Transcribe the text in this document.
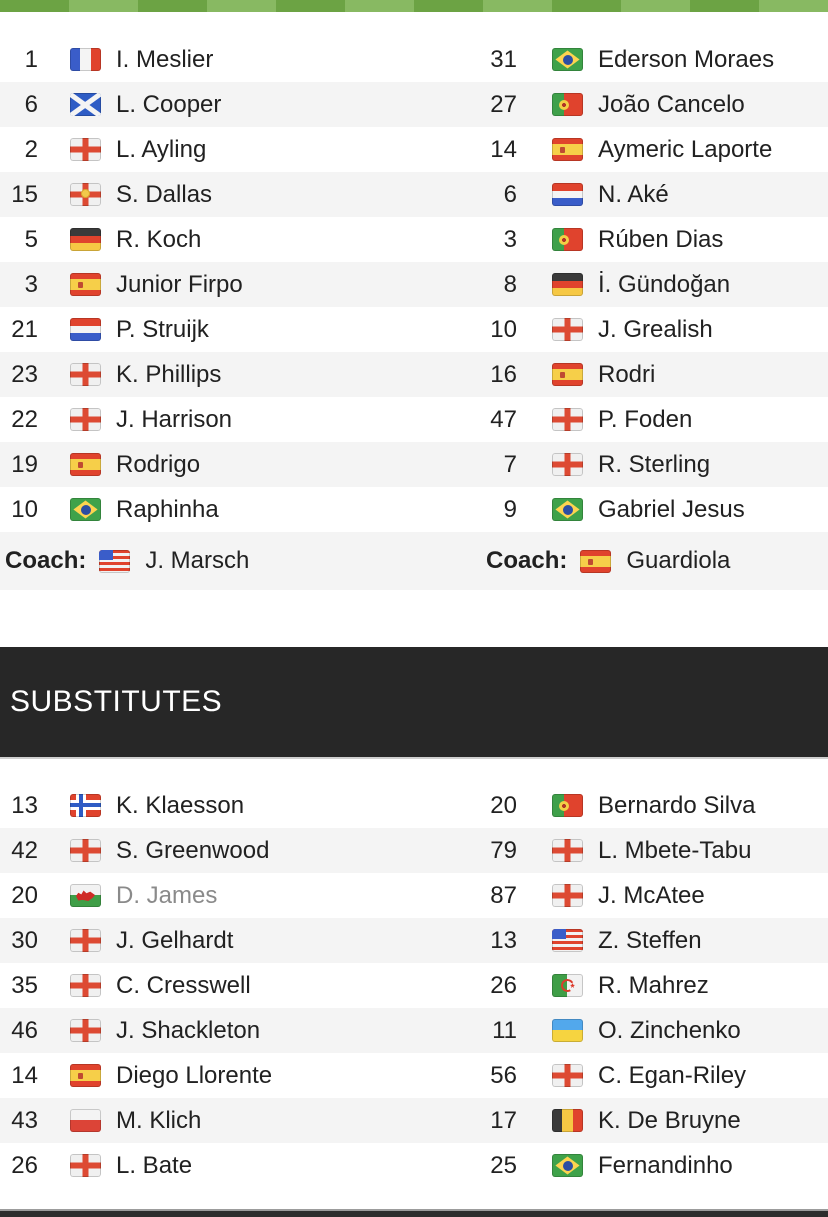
1	I. Meslier	31	Ederson Moraes
6	L. Cooper	27	João Cancelo
2	L. Ayling	14	Aymeric Laporte
15	S. Dallas	6	N. Aké
5	R. Koch	3	Rúben Dias
3	Junior Firpo	8	İ. Gündoğan
21	P. Struijk	10	J. Grealish
23	K. Phillips	16	Rodri
22	J. Harrison	47	P. Foden
19	Rodrigo	7	R. Sterling
10	Raphinha	9	Gabriel Jesus
Coach: J. Marsch	Coach: Guardiola
SUBSTITUTES
13	K. Klaesson	20	Bernardo Silva
42	S. Greenwood	79	L. Mbete-Tabu
20	D. James	87	J. McAtee
30	J. Gelhardt	13	Z. Steffen
35	C. Cresswell	26	R. Mahrez
46	J. Shackleton	11	O. Zinchenko
14	Diego Llorente	56	C. Egan-Riley
43	M. Klich	17	K. De Bruyne
26	L. Bate	25	Fernandinho
